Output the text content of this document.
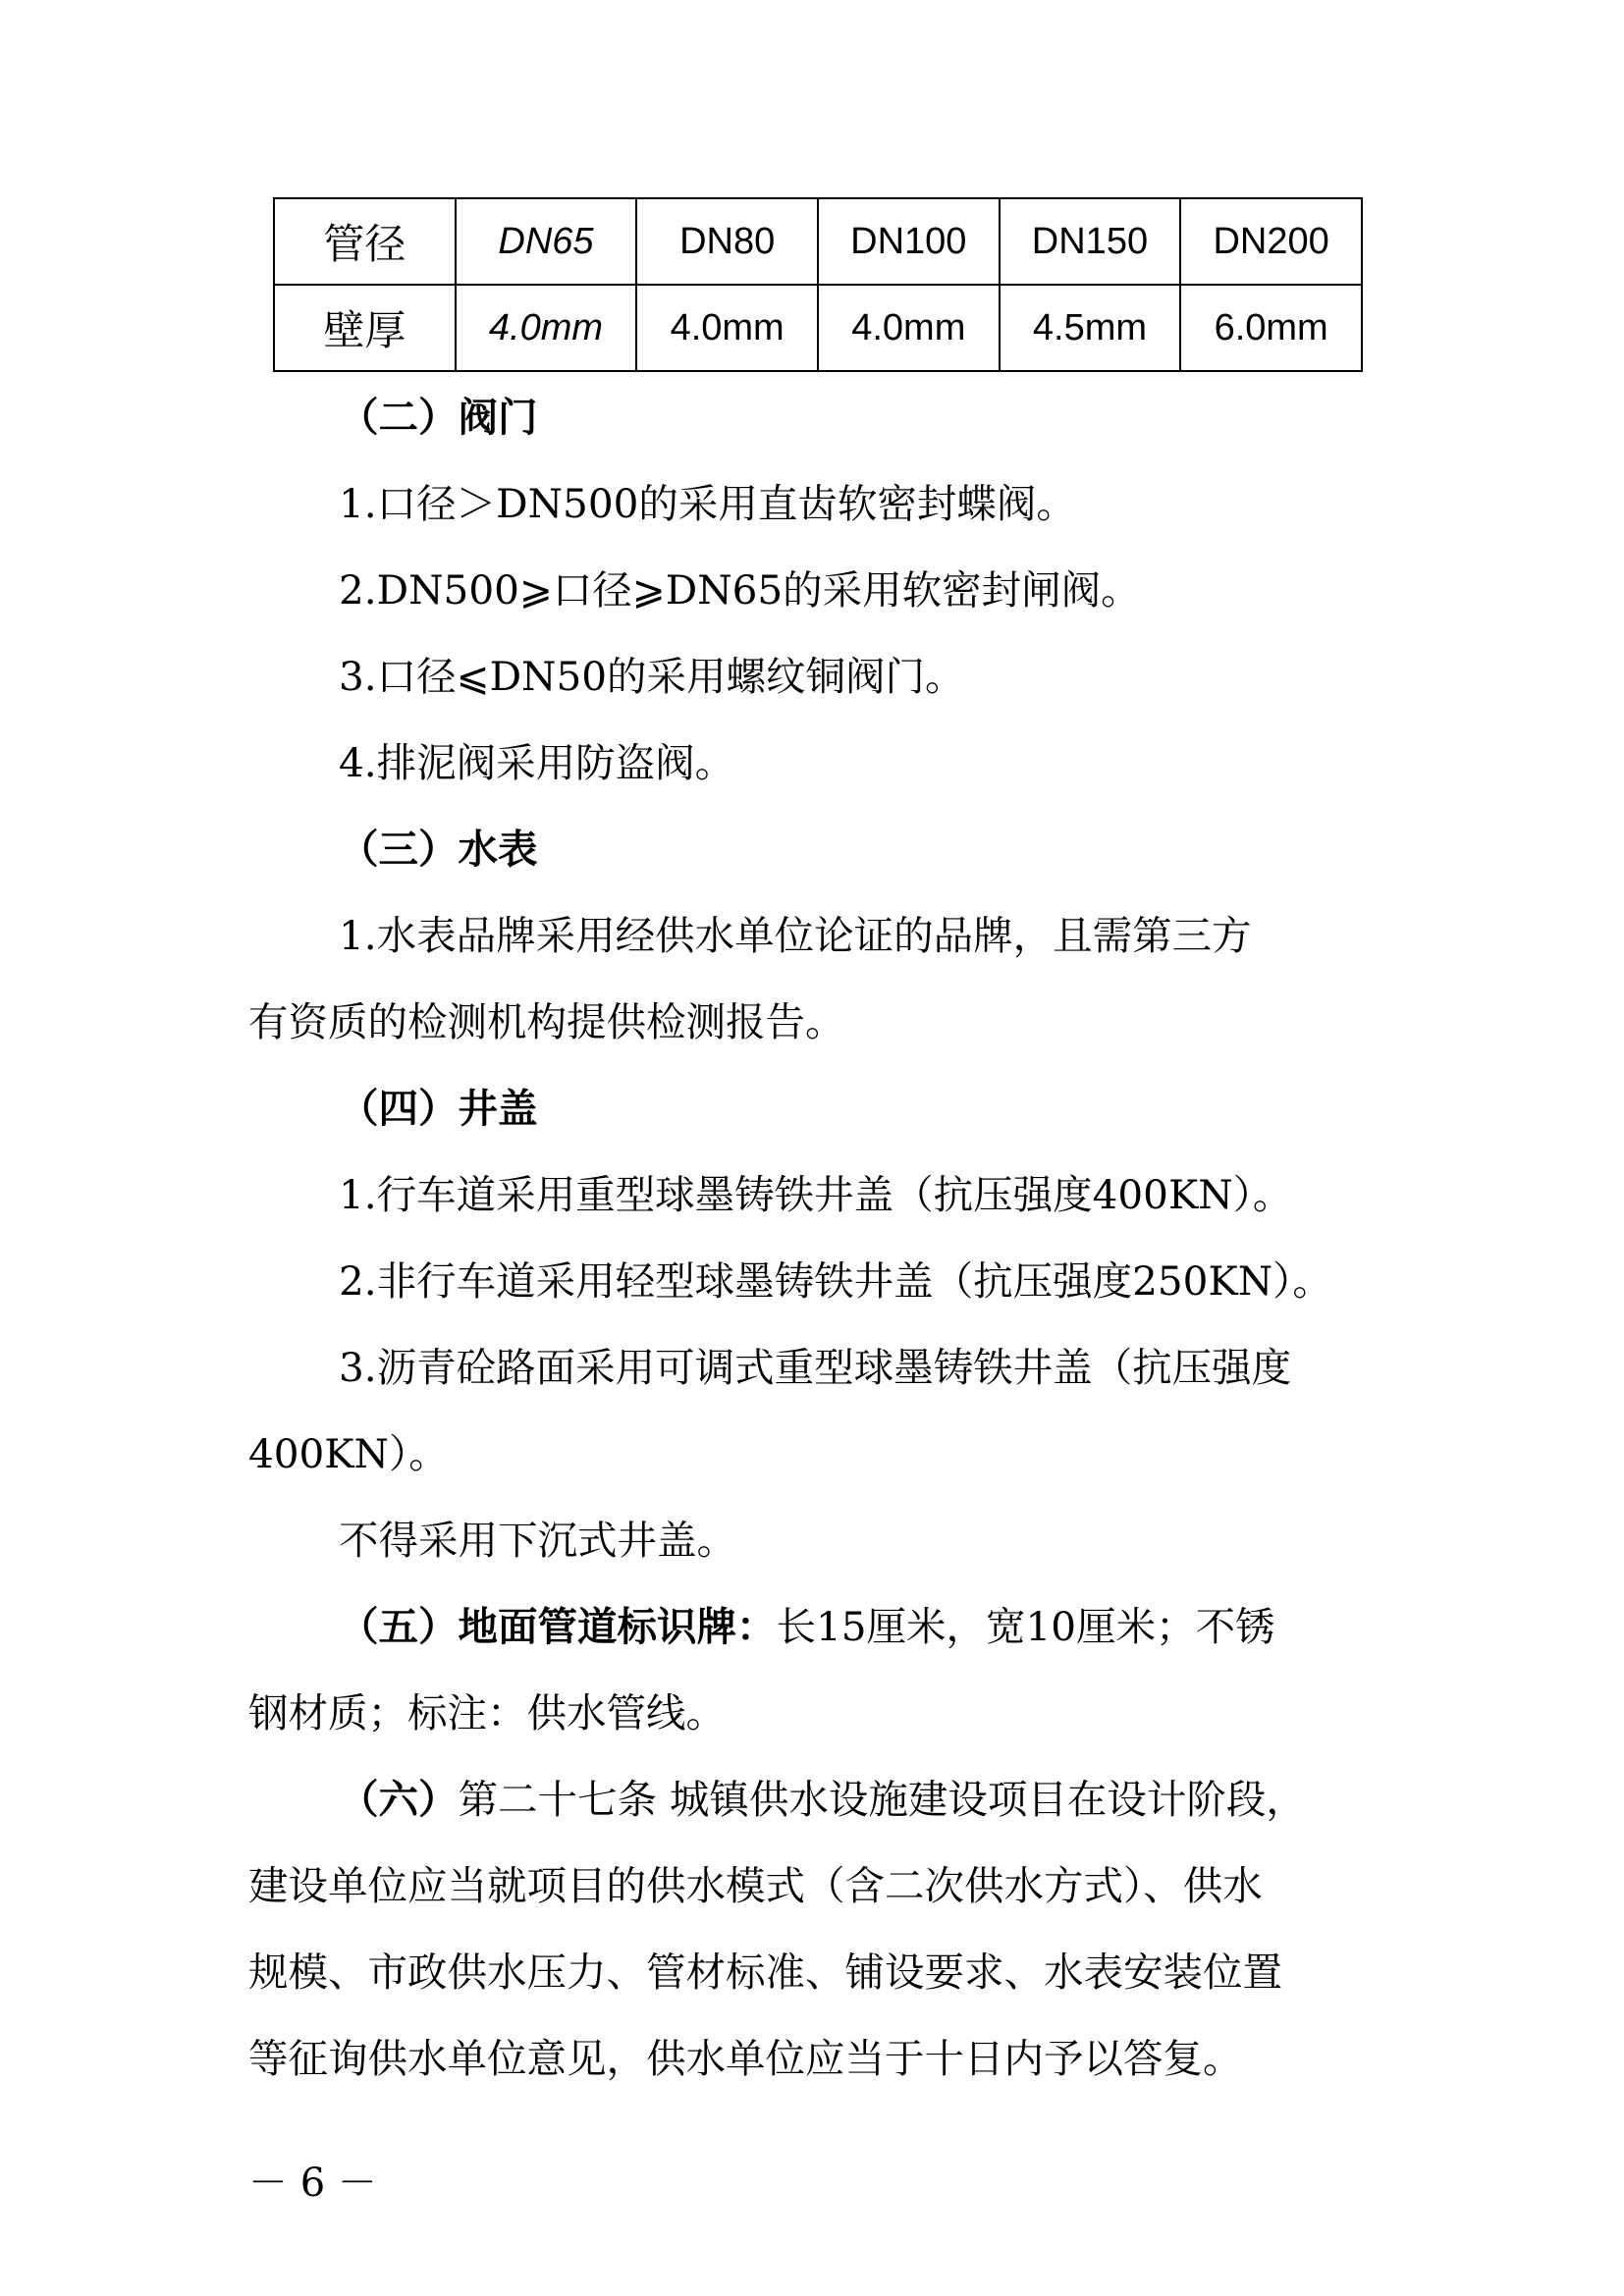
管径	DN65	DN80	DN100	DN150	DN200
壁厚	4.0mm	4.0mm	4.0mm	4.5mm	6.0mm
（二）阀门
1.口径＞DN500的采用直齿软密封蝶阀。
2.DN500⩾口径⩾DN65的采用软密封闸阀。
3.口径⩽DN50的采用螺纹铜阀门。
4.排泥阀采用防盗阀。
（三）水表
1.水表品牌采用经供水单位论证的品牌，且需第三方
有资质的检测机构提供检测报告。
（四）井盖
1.行车道采用重型球墨铸铁井盖（抗压强度400KN）。
2.非行车道采用轻型球墨铸铁井盖（抗压强度250KN）。
3.沥青砼路面采用可调式重型球墨铸铁井盖（抗压强度
400KN）。
不得采用下沉式井盖。
（五）地面管道标识牌：长15厘米，宽10厘米；不锈
钢材质；标注：供水管线。
（六）第二十七条 城镇供水设施建设项目在设计阶段，
建设单位应当就项目的供水模式（含二次供水方式）、供水
规模、市政供水压力、管材标准、铺设要求、水表安装位置
等征询供水单位意见，供水单位应当于十日内予以答复。
－ 6 －
